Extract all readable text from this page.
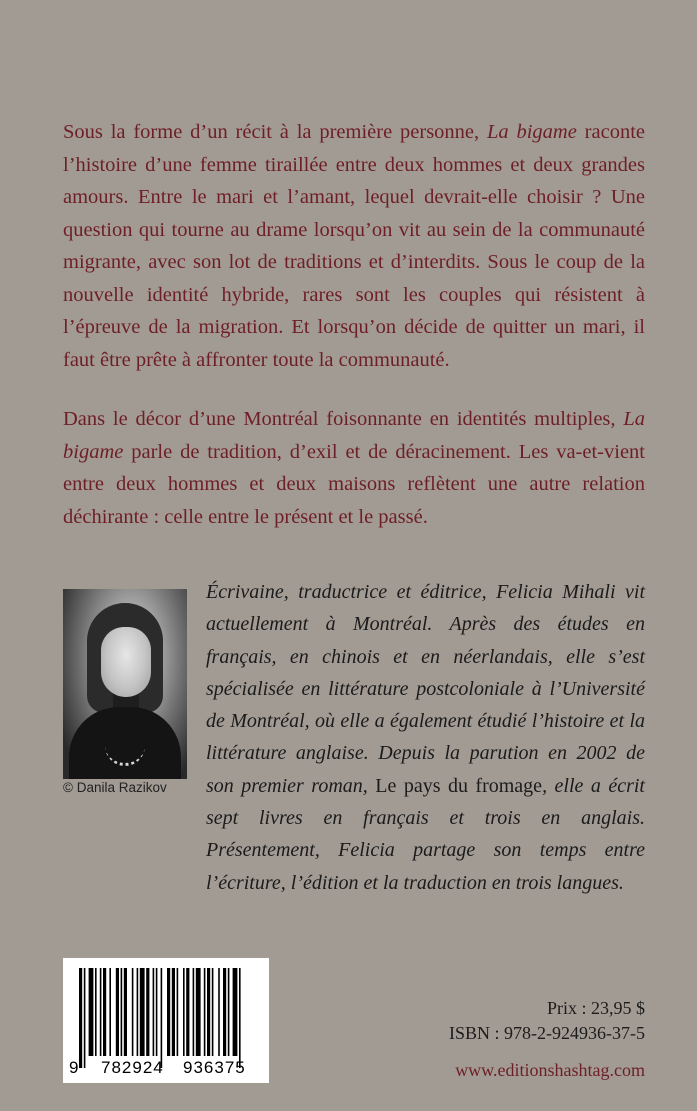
Sous la forme d’un récit à la première personne, La bigame raconte l’histoire d’une femme tiraillée entre deux hommes et deux grandes amours. Entre le mari et l’amant, lequel devrait-elle choisir ? Une question qui tourne au drame lorsqu’on vit au sein de la communauté migrante, avec son lot de traditions et d’interdits. Sous le coup de la nouvelle identité hybride, rares sont les couples qui résistent à l’épreuve de la migration. Et lorsqu’on décide de quitter un mari, il faut être prête à affronter toute la communauté.

Dans le décor d’une Montréal foisonnante en identités multiples, La bigame parle de tradition, d’exil et de déracinement. Les va-et-vient entre deux hommes et deux maisons reflètent une autre relation déchirante : celle entre le présent et le passé.

© Danila Razikov

Écrivaine, traductrice et éditrice, Felicia Mihali vit actuellement à Montréal. Après des études en français, en chinois et en néerlandais, elle s’est spécialisée en littérature postcoloniale à l’Université de Montréal, où elle a également étudié l’histoire et la littérature anglaise. Depuis la parution en 2002 de son premier roman, Le pays du fromage, elle a écrit sept livres en français et trois en anglais. Présentement, Felicia partage son temps entre l’écriture, l’édition et la traduction en trois langues.

9 782924 936375

Prix : 23,95 $

ISBN : 978-2-924936-37-5

www.editionshashtag.com
